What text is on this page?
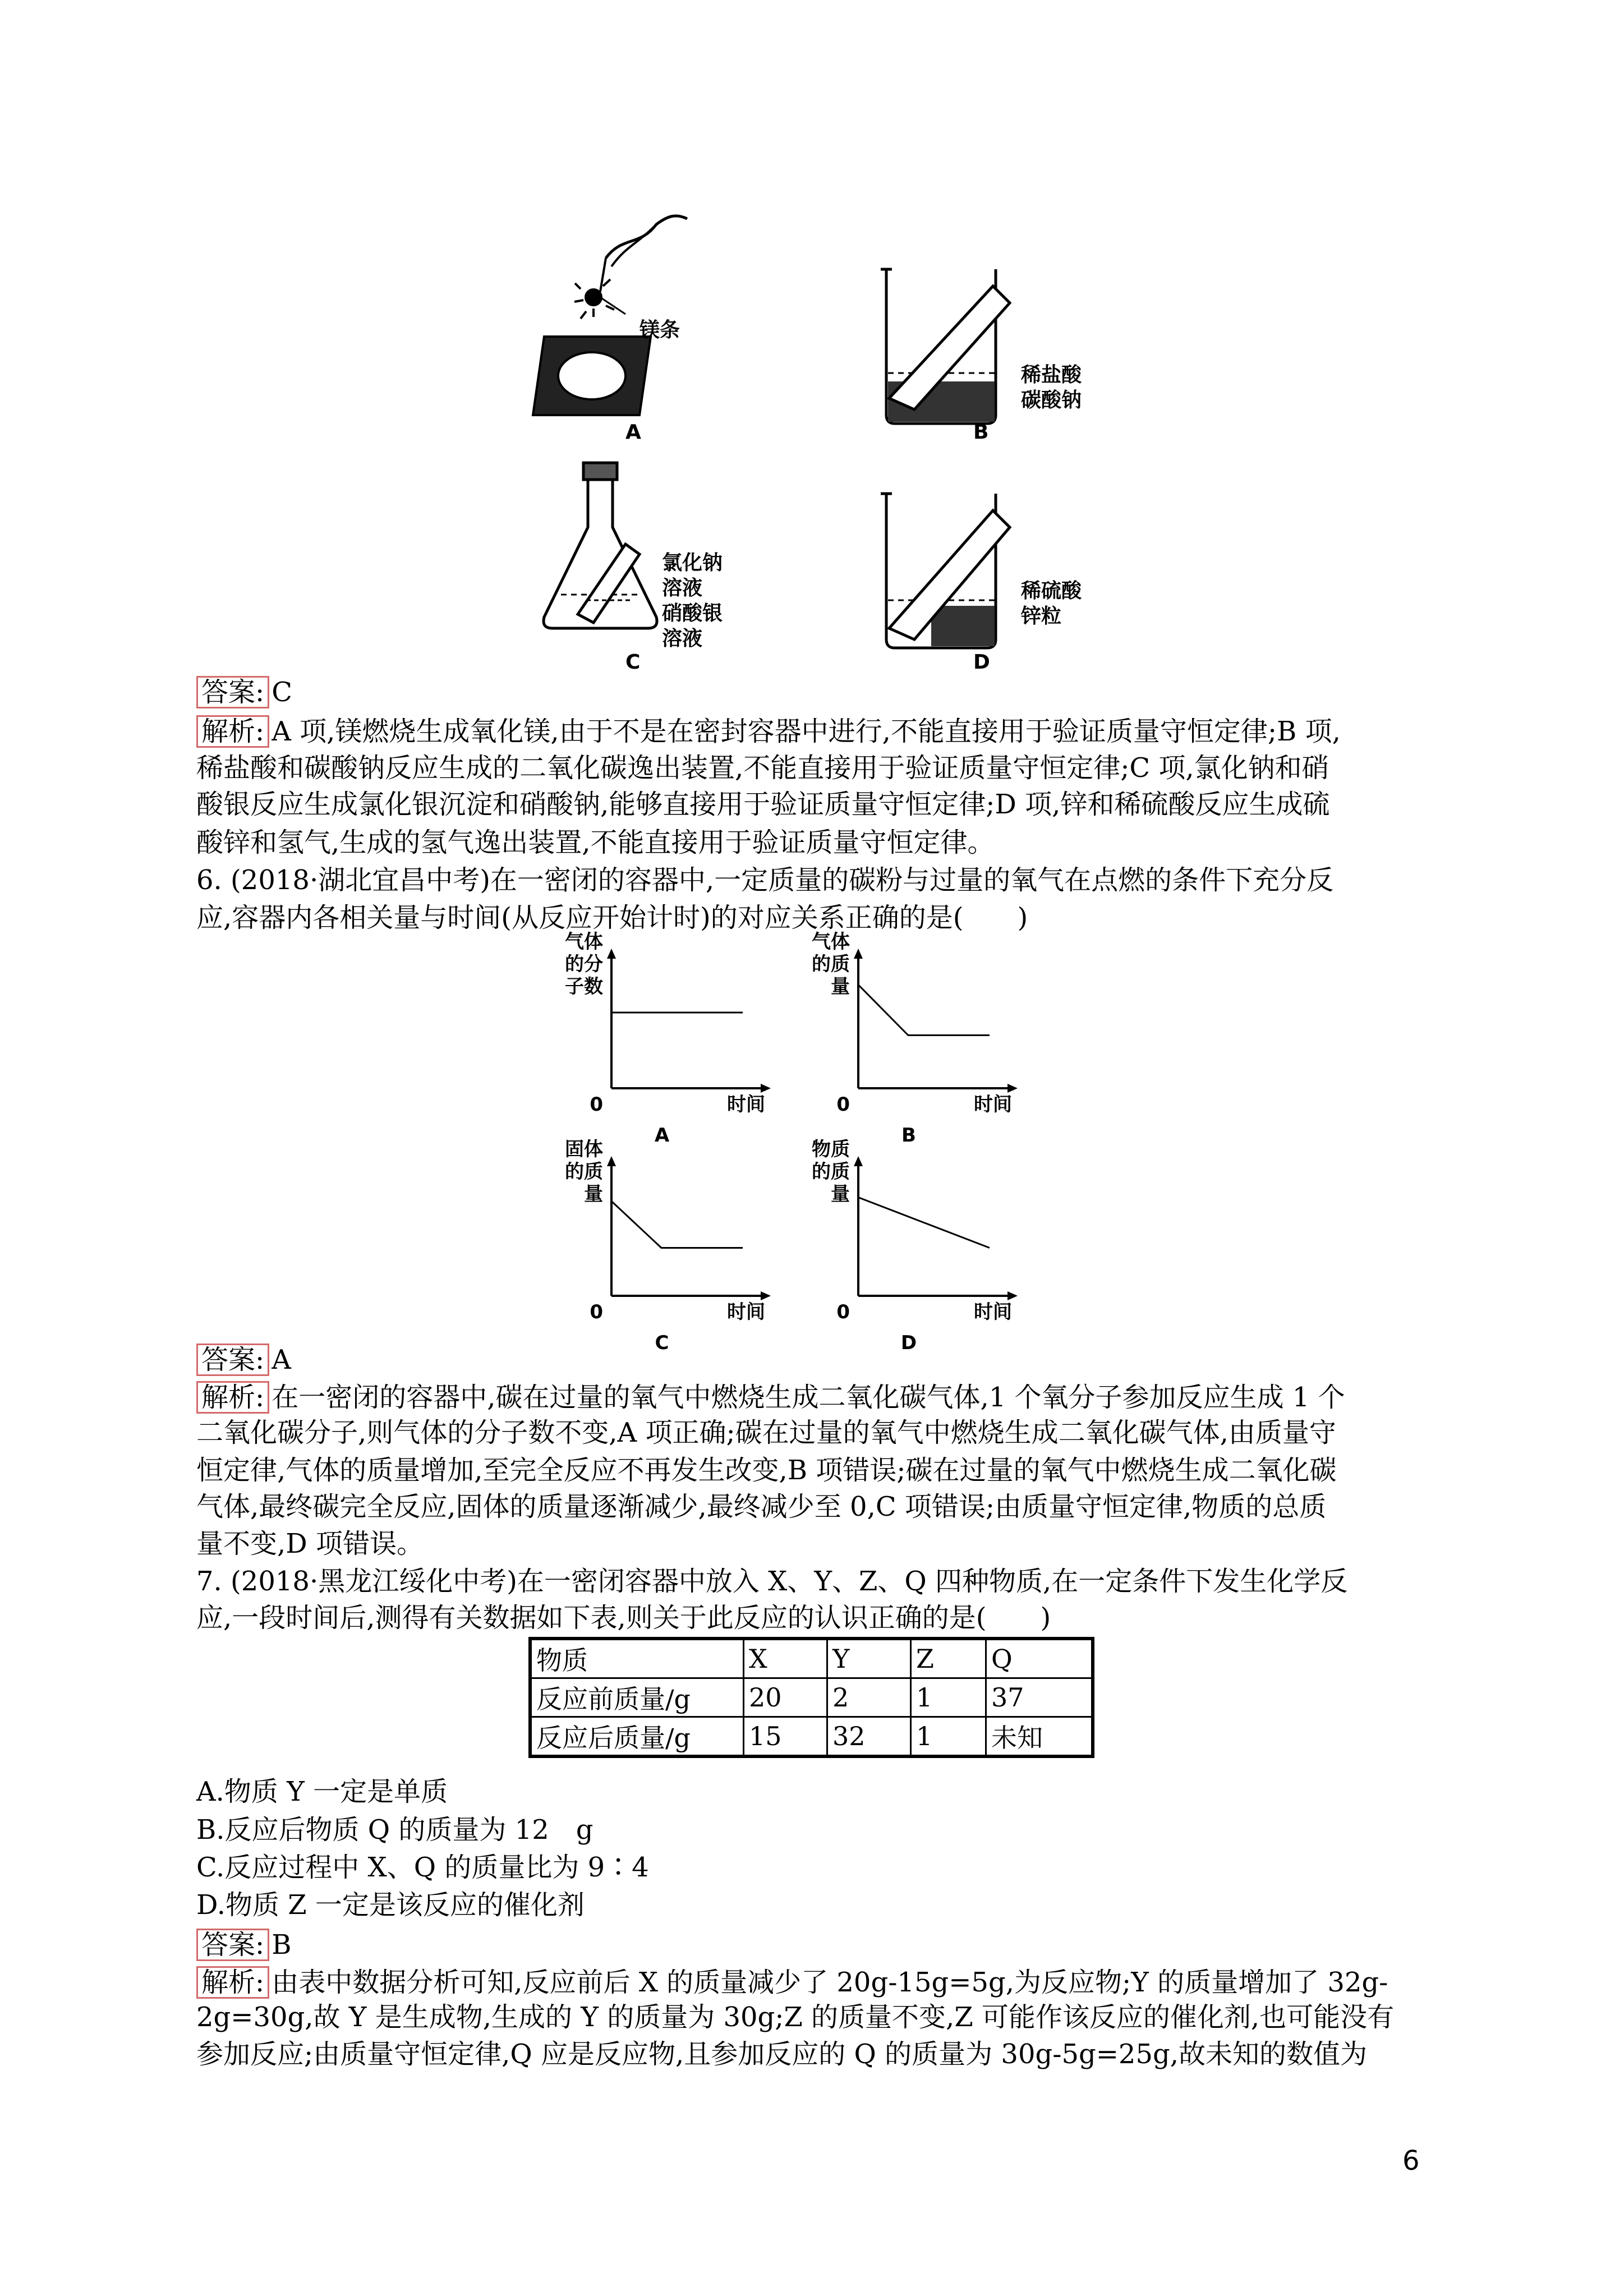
镁条
A
稀盐酸
碳酸钠
B
氯化钠
溶液
硝酸银
溶液
C
稀硫酸
锌粒
D
答案: C
解析: A 项,镁燃烧生成氧化镁,由于不是在密封容器中进行,不能直接用于验证质量守恒定律;B 项,
稀盐酸和碳酸钠反应生成的二氧化碳逸出装置,不能直接用于验证质量守恒定律;C 项,氯化钠和硝
酸银反应生成氯化银沉淀和硝酸钠,能够直接用于验证质量守恒定律;D 项,锌和稀硫酸反应生成硫
酸锌和氢气,生成的氢气逸出装置,不能直接用于验证质量守恒定律。
6. (2018·湖北宜昌中考)在一密闭的容器中,一定质量的碳粉与过量的氧气在点燃的条件下充分反
应,容器内各相关量与时间(从反应开始计时)的对应关系正确的是(　　)
气体
的分
子数
0	时间
A
气体
的质
量
0	时间
B
固体
的质
量
0	时间
C
物质
的质
量
0	时间
D
答案: A
解析: 在一密闭的容器中,碳在过量的氧气中燃烧生成二氧化碳气体,1 个氧分子参加反应生成 1 个
二氧化碳分子,则气体的分子数不变,A 项正确;碳在过量的氧气中燃烧生成二氧化碳气体,由质量守
恒定律,气体的质量增加,至完全反应不再发生改变,B 项错误;碳在过量的氧气中燃烧生成二氧化碳
气体,最终碳完全反应,固体的质量逐渐减少,最终减少至 0,C 项错误;由质量守恒定律,物质的总质
量不变,D 项错误。
7. (2018·黑龙江绥化中考)在一密闭容器中放入 X、Y、Z、Q 四种物质,在一定条件下发生化学反
应,一段时间后,测得有关数据如下表,则关于此反应的认识正确的是(　　)
物质	X	Y	Z	Q
反应前质量/g	20	2	1	37
反应后质量/g	15	32	1	未知
A.物质 Y 一定是单质
B.反应后物质 Q 的质量为 12　g
C.反应过程中 X、Q 的质量比为 9∶4
D.物质 Z 一定是该反应的催化剂
答案: B
解析: 由表中数据分析可知,反应前后 X 的质量减少了 20g-15g=5g,为反应物;Y 的质量增加了 32g-
2g=30g,故 Y 是生成物,生成的 Y 的质量为 30g;Z 的质量不变,Z 可能作该反应的催化剂,也可能没有
参加反应;由质量守恒定律,Q 应是反应物,且参加反应的 Q 的质量为 30g-5g=25g,故未知的数值为
6
